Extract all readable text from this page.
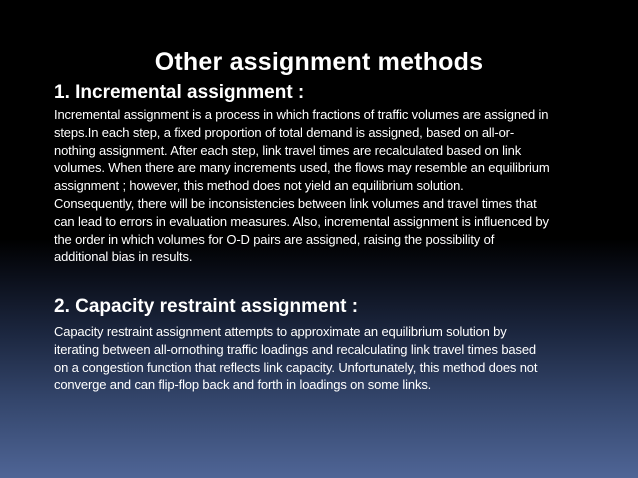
Other assignment methods
1. Incremental assignment :
Incremental assignment is a process in which fractions of traffic volumes are assigned in
steps.In each step, a fixed proportion of total demand is assigned, based on all-or-
nothing assignment. After each step, link travel times are recalculated based on link
volumes. When there are many increments used, the flows may resemble an equilibrium
assignment ; however, this method does not yield an equilibrium solution.
Consequently, there will be inconsistencies between link volumes and travel times that
can lead to errors in evaluation measures. Also, incremental assignment is influenced by
the order in which volumes for O-D pairs are assigned, raising the possibility of
additional bias in results.
2. Capacity restraint assignment :
Capacity restraint assignment attempts to approximate an equilibrium solution by
iterating between all-ornothing traffic loadings and recalculating link travel times based
on a congestion function that reflects link capacity. Unfortunately, this method does not
converge and can flip-flop back and forth in loadings on some links.
